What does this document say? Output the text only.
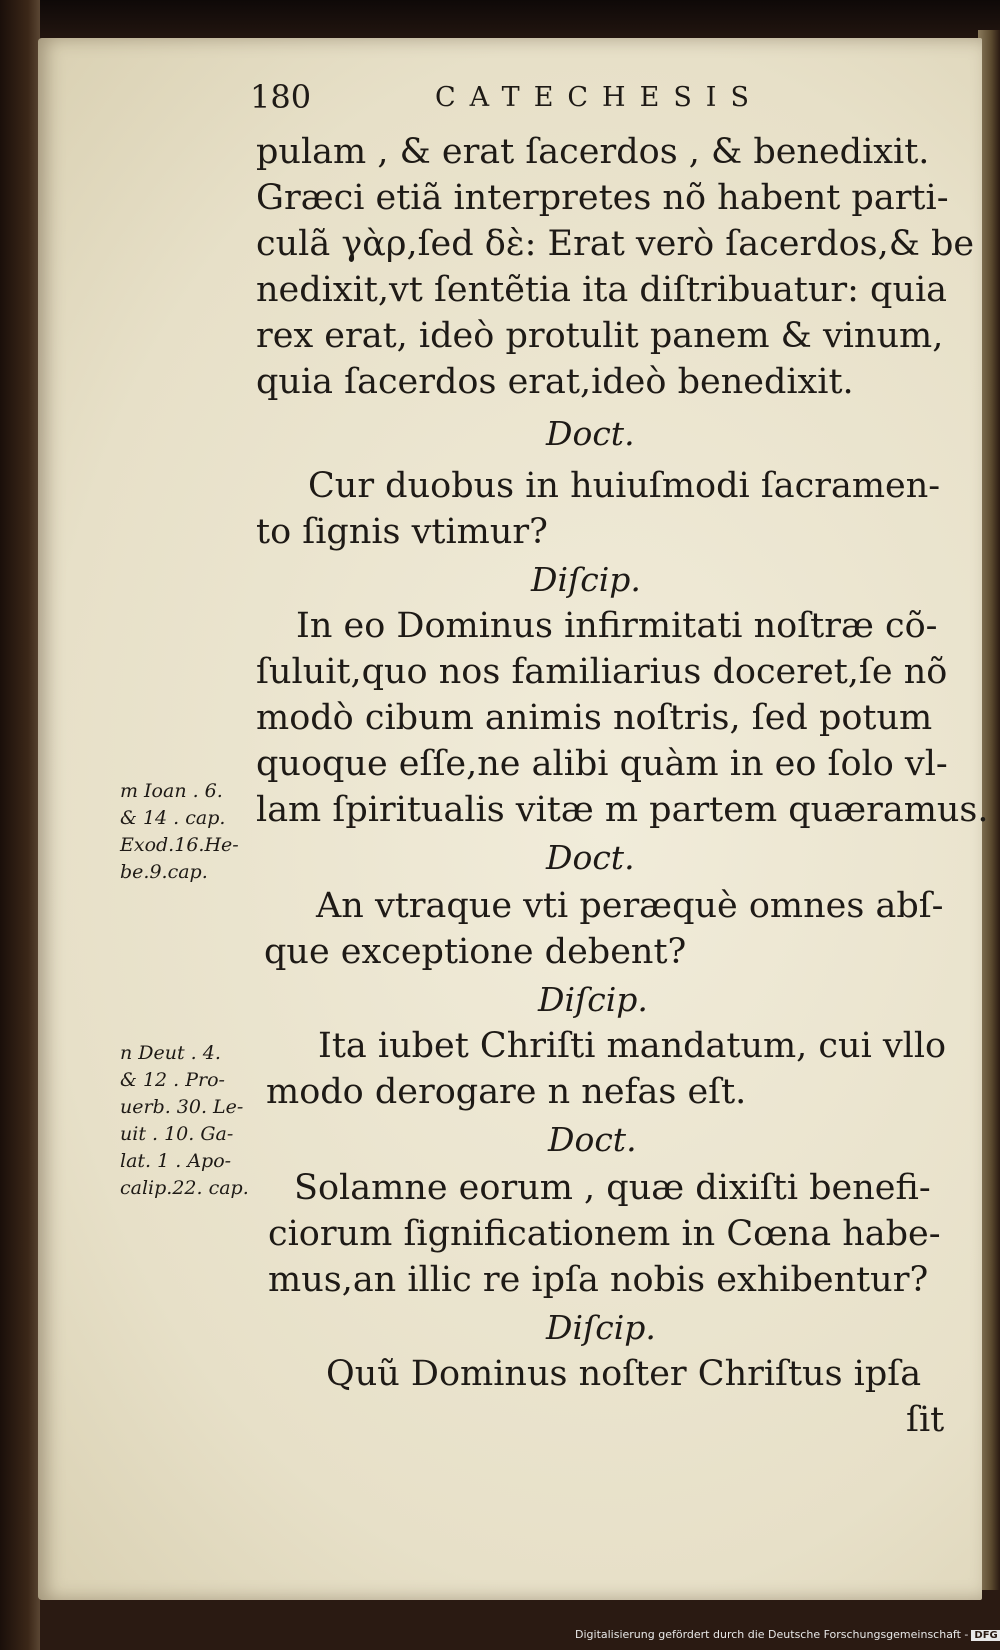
180	CATECHESIS
pulam , & erat ſacerdos , & benedixit.
Græci etiã interpretes nõ habent parti-
culã γὰρ,ſed δὲ: Erat verò ſacerdos,& be
nedixit,vt ſentẽtia ita diſtribuatur: quia
rex erat, ideò protulit panem & vinum,
quia ſacerdos erat,ideò benedixit.
Doct.
Cur duobus in huiuſmodi ſacramen-
to ſignis vtimur?
Diſcip.
In eo Dominus infirmitati noſtræ cõ-
ſuluit,quo nos familiarius doceret,ſe nõ
modò cibum animis noſtris, ſed potum
quoque eſſe,ne alibi quàm in eo ſolo vl-
lam ſpiritualis vitæ m partem quæramus.
Doct.
An vtraque vti peræquè omnes abſ-
que exceptione debent?
Diſcip.
Ita iubet Chriſti mandatum, cui vllo
modo derogare n nefas eſt.
Doct.
Solamne eorum , quæ dixiſti benefi-
ciorum ſignificationem in Cœna habe-
mus,an illic re ipſa nobis exhibentur?
Diſcip.
Quũ Dominus noſter Chriſtus ipſa
ſit
m Ioan . 6.
& 14 . cap.
Exod.16.He-
be.9.cap.
n Deut . 4.
& 12 . Pro-
uerb. 30. Le-
uit . 10. Ga-
lat. 1 . Apo-
calip.22. cap.
Digitalisierung gefördert durch die Deutsche Forschungsgemeinschaft - DFG
